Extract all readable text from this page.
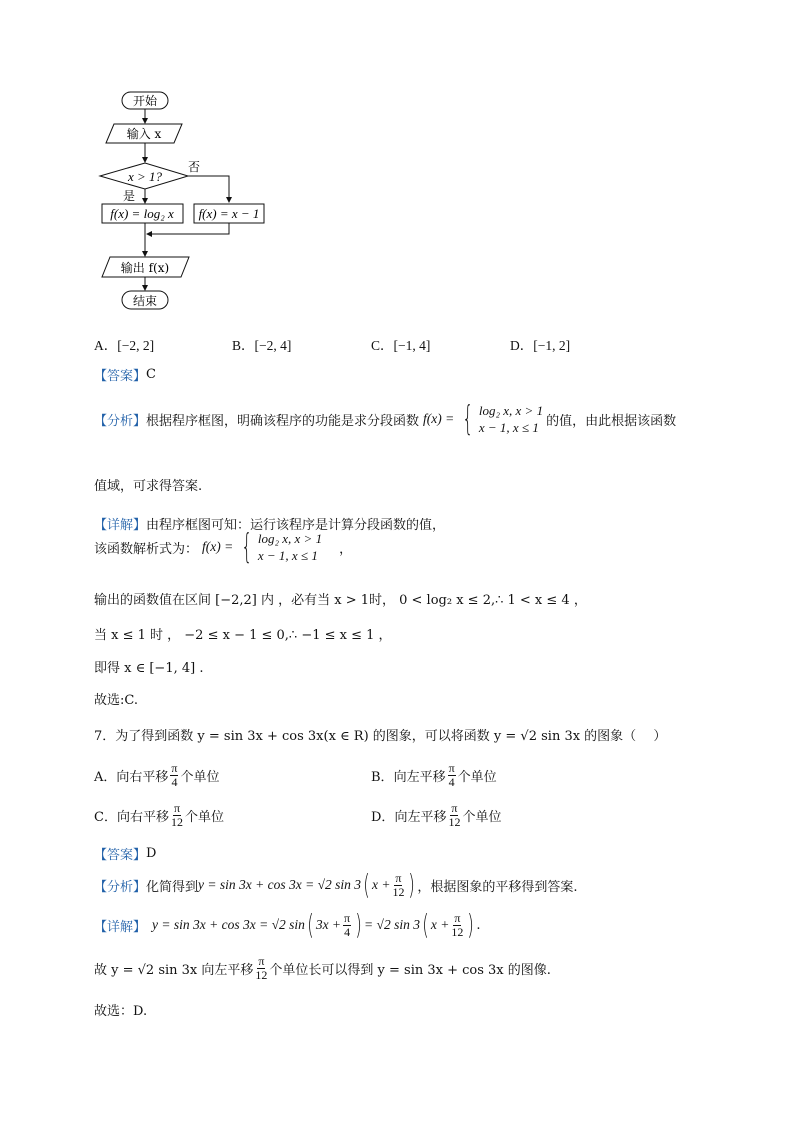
开始
输入 x
x > 1?
否
是
f(x) = log₂ x f(x) = x − 1
输出 f(x)
结束
A．[−2, 2]	B．[−2, 4]	C．[−1, 4]	D．[−1, 2]
【答案】 C
【分析】 根据程序框图，明确该程序的功能是求分段函数 f(x) = { log₂ x, x > 1
x − 1, x ≤ 1 的值，由此根据该函数
值域，可求得答案.
【详解】 由程序框图可知：运行该程序是计算分段函数的值，
该函数解析式为： f(x) = { log₂ x, x > 1
x − 1, x ≤ 1	，
输出的函数值在区间 [−2,2] 内 ，必有当 x > 1时， 0 < log₂ x ≤ 2,∴ 1 < x ≤ 4 ，
当 x ≤ 1 时 ， −2 ≤ x − 1 ≤ 0,∴ −1 ≤ x ≤ 1 ，
即得 x ∈ [−1, 4] .
故选:C.
7．为了得到函数 y = sin 3x + cos 3x(x ∈ R) 的图象，可以将函数 y = √2 sin 3x 的图象（　 ）
A． 向右平移 $\frac{\pi}{4}$ 个单位	B． 向左平移 $\frac{\pi}{4}$ 个单位
C． 向右平移 $\frac{\pi}{12}$ 个单位	D． 向左平移 $\frac{\pi}{12}$ 个单位
【答案】 D
【分析】 化简得到 y = sin 3x + cos 3x = √2 sin 3 ( $x + \frac{\pi}{12}$ ) ，根据图象的平移得到答案.
【详解】 y = sin 3x + cos 3x = √2 sin ( $3x + \frac{\pi}{4}$ ) = √2 sin 3 ( $x + \frac{\pi}{12}$ ) .
故 y = √2 sin 3x 向左平移 $\frac{\pi}{12}$ 个单位长可以得到 y = sin 3x + cos 3x 的图像.
故选：D.
